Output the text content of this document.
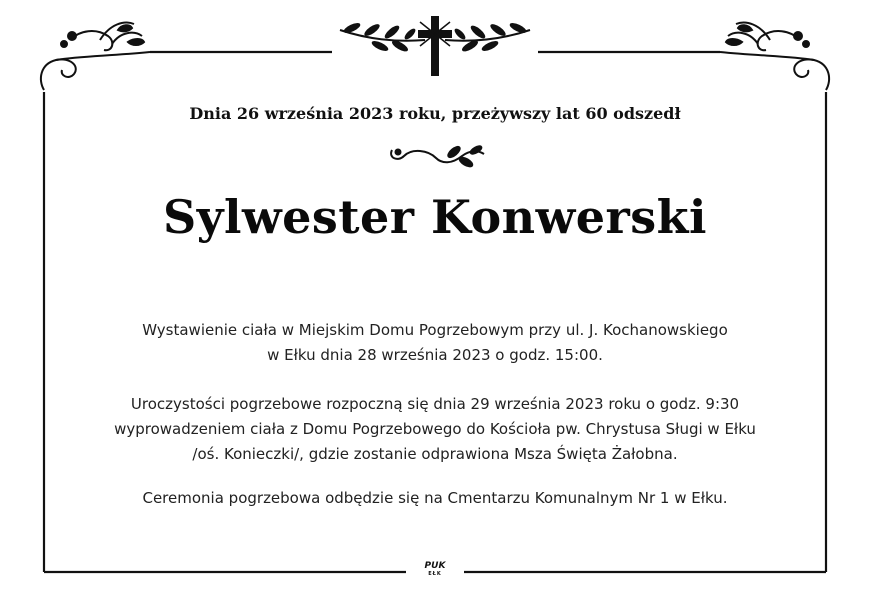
Dnia 26 września 2023 roku, przeżywszy lat 60 odszedł
Sylwester Konwerski
Wystawienie ciała w Miejskim Domu Pogrzebowym przy ul. J. Kochanowskiego
w Ełku dnia 28 września 2023 o godz. 15:00.
Uroczystości pogrzebowe rozpoczną się dnia 29 września 2023 roku o godz. 9:30
wyprowadzeniem ciała z Domu Pogrzebowego do Kościoła pw. Chrystusa Sługi w Ełku
/oś. Konieczki/, gdzie zostanie odprawiona Msza Święta Żałobna.
Ceremonia pogrzebowa odbędzie się na Cmentarzu Komunalnym Nr 1 w Ełku.
PUK
EŁK
